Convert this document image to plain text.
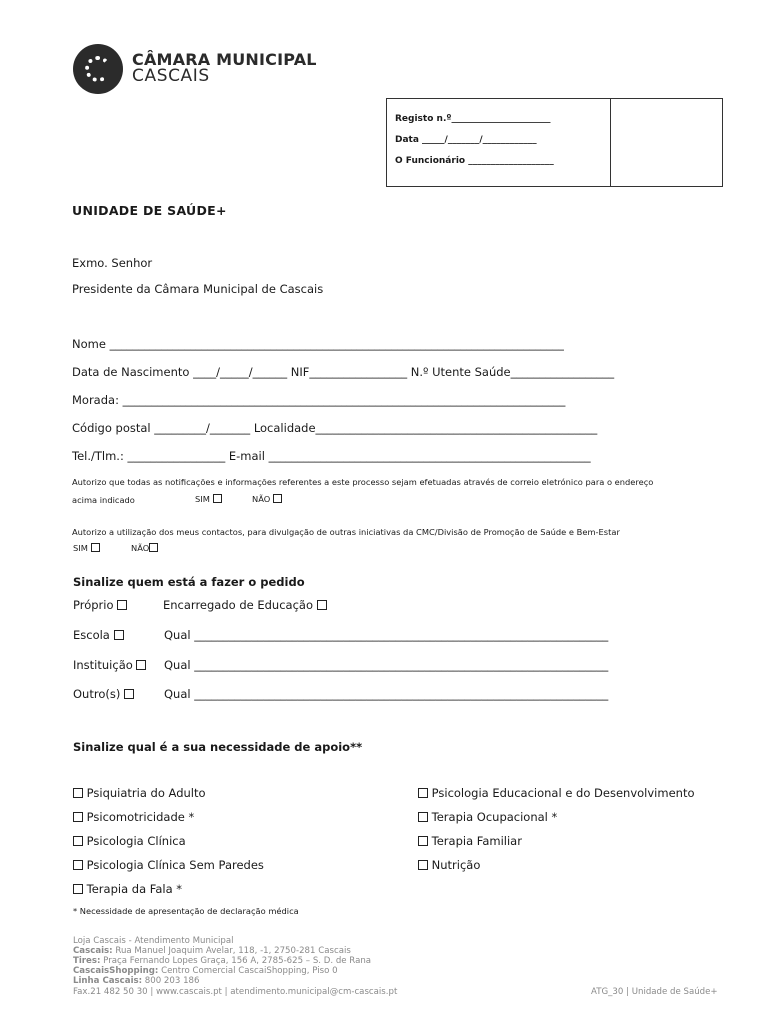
CÂMARA MUNICIPAL
CASCAIS
Registo n.º______________________
Data _____/_______/____________
O Funcionário ___________________
UNIDADE DE SAÚDE+
Exmo. Senhor
Presidente da Câmara Municipal de Cascais
Nome _______________________________________________________________________________
Data de Nascimento ____/_____/______ NIF_________________ N.º Utente Saúde__________________
Morada: _____________________________________________________________________________
Código postal _________/_______ Localidade_________________________________________________
Tel./Tlm.: _________________ E-mail ________________________________________________________
Autorizo que todas as notificações e informações referentes a este processo sejam efetuadas através de correio eletrónico para o endereço
acima indicado	SIM	NÃO
Autorizo a utilização dos meus contactos, para divulgação de outras iniciativas da CMC/Divisão de Promoção de Saúde e Bem-Estar
SIM	NÃO
Sinalize quem está a fazer o pedido
Próprio	Encarregado de Educação
Escola	Qual ________________________________________________________________________
Instituição	Qual ________________________________________________________________________
Outro(s)	Qual ________________________________________________________________________
Sinalize qual é a sua necessidade de apoio**
Psiquiatria do Adulto
Psicomotricidade *
Psicologia Clínica
Psicologia Clínica Sem Paredes
Terapia da Fala *
Psicologia Educacional e do Desenvolvimento
Terapia Ocupacional *
Terapia Familiar
Nutrição
* Necessidade de apresentação de declaração médica
Loja Cascais - Atendimento Municipal
Cascais: Rua Manuel Joaquim Avelar, 118, -1, 2750-281 Cascais
Tires: Praça Fernando Lopes Graça, 156 A, 2785-625 – S. D. de Rana
CascaisShopping: Centro Comercial CascaiShopping, Piso 0
Linha Cascais: 800 203 186
Fax.21 482 50 30 | www.cascais.pt | atendimento.municipal@cm-cascais.pt	ATG_30 | Unidade de Saúde+
